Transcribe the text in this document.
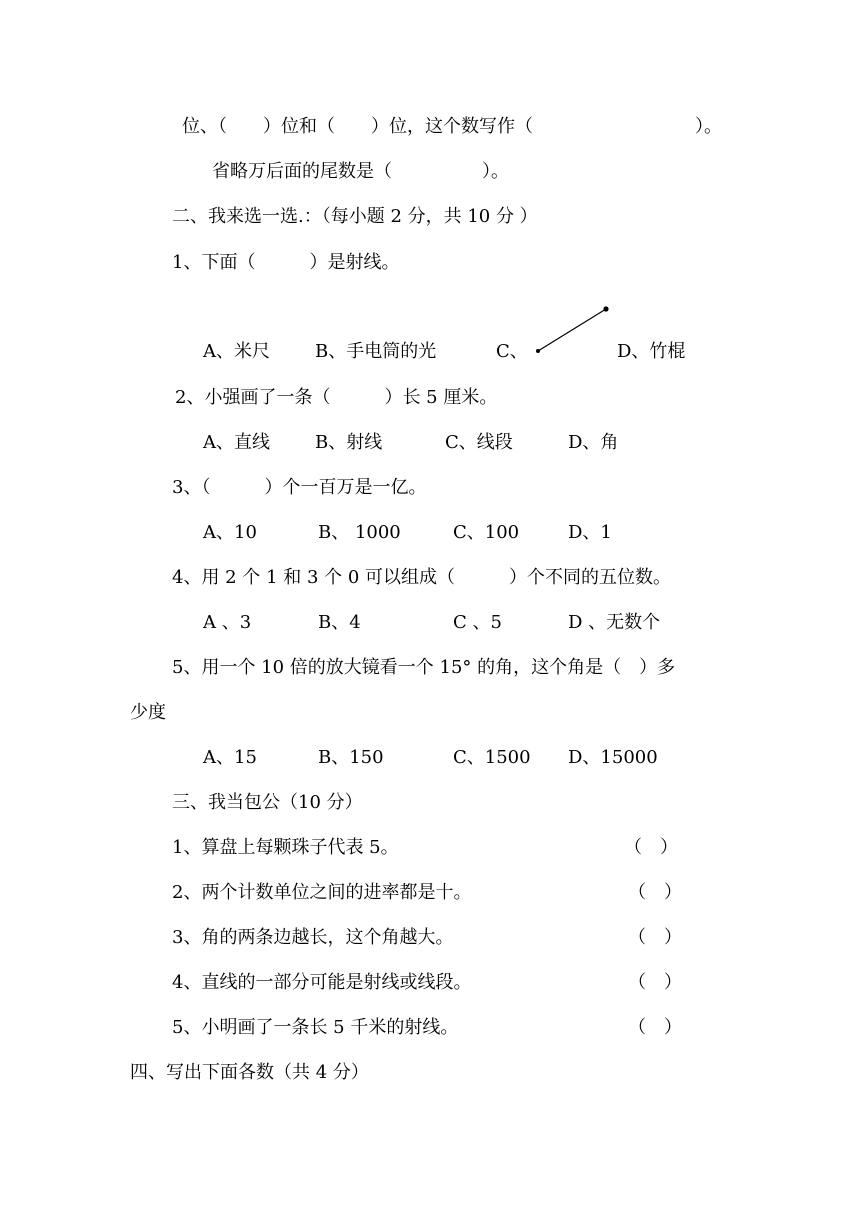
位、（　　）位和（　　）位，这个数写作（　　　　　　　　　）。
省略万后面的尾数是（　　　　　）。
二、我来选一选.：（每小题 2 分，共 10 分 ）
1、下面（　　　）是射线。
A、米尺	B、手电筒的光	C、	D、竹棍
2、小强画了一条（　　　）长 5 厘米。
A、直线	B、射线	C、线段	D、角
3、（　　　）个一百万是一亿。
A、10	B、 1000	C、100	D、1
4、用 2 个 1 和 3 个 0 可以组成（　　　）个不同的五位数。
A 、3	B、4	C 、5	D 、无数个
5、用一个 10 倍的放大镜看一个 15° 的角，这个角是（　）多
少度
A、15	B、150	C、1500 D、15000
三、我当包公（10 分）
1、算盘上每颗珠子代表 5。	（　）
2、两个计数单位之间的进率都是十。	（　）
3、角的两条边越长，这个角越大。	（　）
4、直线的一部分可能是射线或线段。	（　）
5、小明画了一条长 5 千米的射线。	（　）
四、写出下面各数（共 4 分）
